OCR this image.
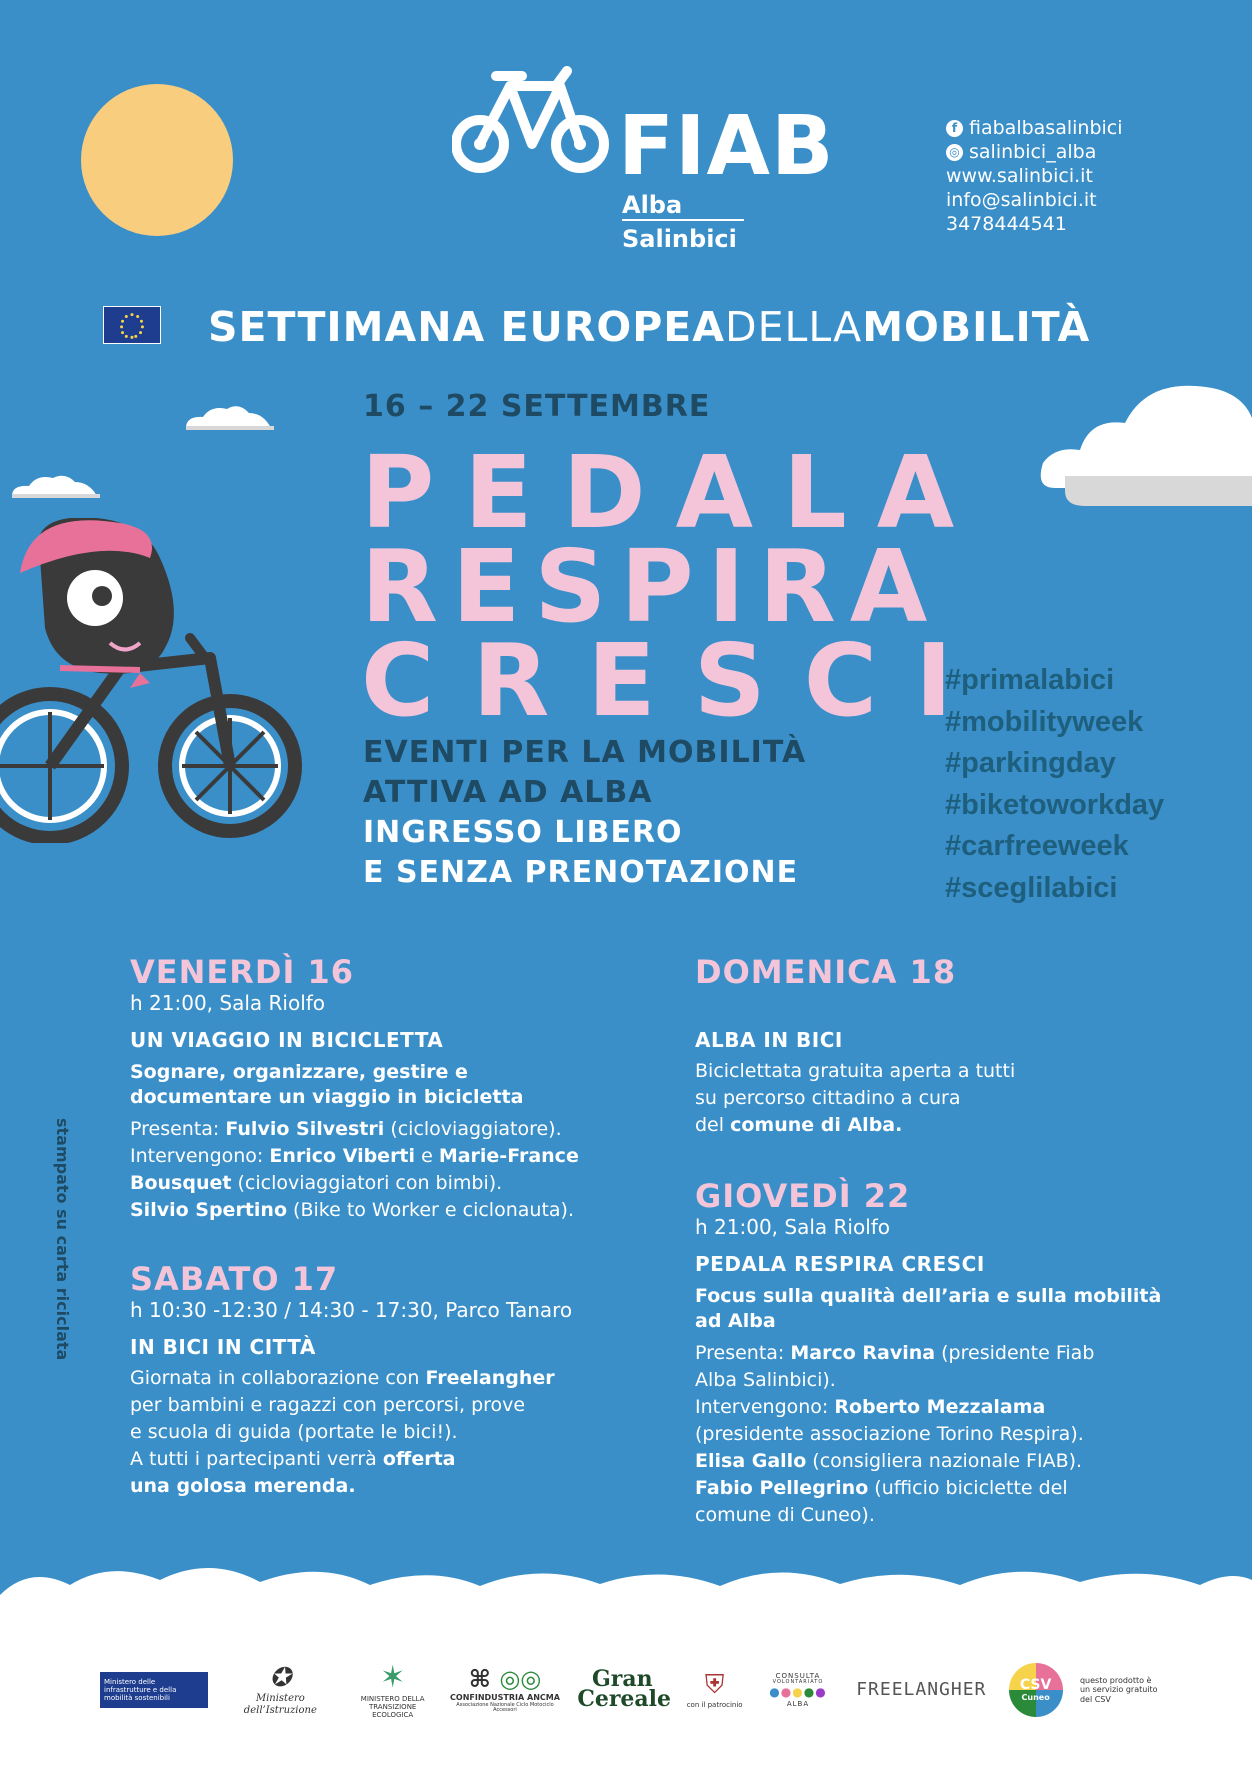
FIAB
Alba
Salinbici
f fiabalbasalinbici
◎ salinbici_alba
www.salinbici.it
info@salinbici.it
3478444541
SETTIMANA EUROPEADELLAMOBILITÀ
16 – 22 SETTEMBRE
PEDALA
RESPIRA
CRESCI
EVENTI PER LA MOBILITÀ
ATTIVA AD ALBA
INGRESSO LIBERO
E SENZA PRENOTAZIONE
#primalabici
#mobilityweek
#parkingday
#biketoworkday
#carfreeweek
#sceglilabici
VENERDÌ 16
h 21:00, Sala Riolfo
UN VIAGGIO IN BICICLETTA
Sognare, organizzare, gestire e
documentare un viaggio in bicicletta
Presenta: Fulvio Silvestri (cicloviaggiatore).
Intervengono: Enrico Viberti e Marie-France
Bousquet (cicloviaggiatori con bimbi).
Silvio Spertino (Bike to Worker e ciclonauta).
SABATO 17
h 10:30 -12:30 / 14:30 - 17:30, Parco Tanaro
IN BICI IN CITTÀ
Giornata in collaborazione con Freelangher
per bambini e ragazzi con percorsi, prove
e scuola di guida (portate le bici!).
A tutti i partecipanti verrà offerta
una golosa merenda.
DOMENICA 18
ALBA IN BICI
Biciclettata gratuita aperta a tutti
su percorso cittadino a cura
del comune di Alba.
GIOVEDÌ 22
h 21:00, Sala Riolfo
PEDALA RESPIRA CRESCI
Focus sulla qualità dell’aria e sulla mobilità
ad Alba
Presenta: Marco Ravina (presidente Fiab
Alba Salinbici).
Intervengono: Roberto Mezzalama
(presidente associazione Torino Respira).
Elisa Gallo (consigliera nazionale FIAB).
Fabio Pellegrino (ufficio biciclette del
comune di Cuneo).
stampato su carta riciclata
Ministero delle infrastrutture e della mobilità sostenibili
✪
Ministero dell’Istruzione
✶
MINISTERO DELLA TRANSIZIONE ECOLOGICA
⌘ ◎◎
CONFINDUSTRIA ANCMA
Associazione Nazionale Ciclo Motociclo Accessori
Gran
Cereale	⛨
con il patrocinio
CONSULTA
VOLONTARIATO
●●●●●
ALBA
FREELANGHER	CSV
Cuneo
questo prodotto è
un servizio gratuito
del CSV
